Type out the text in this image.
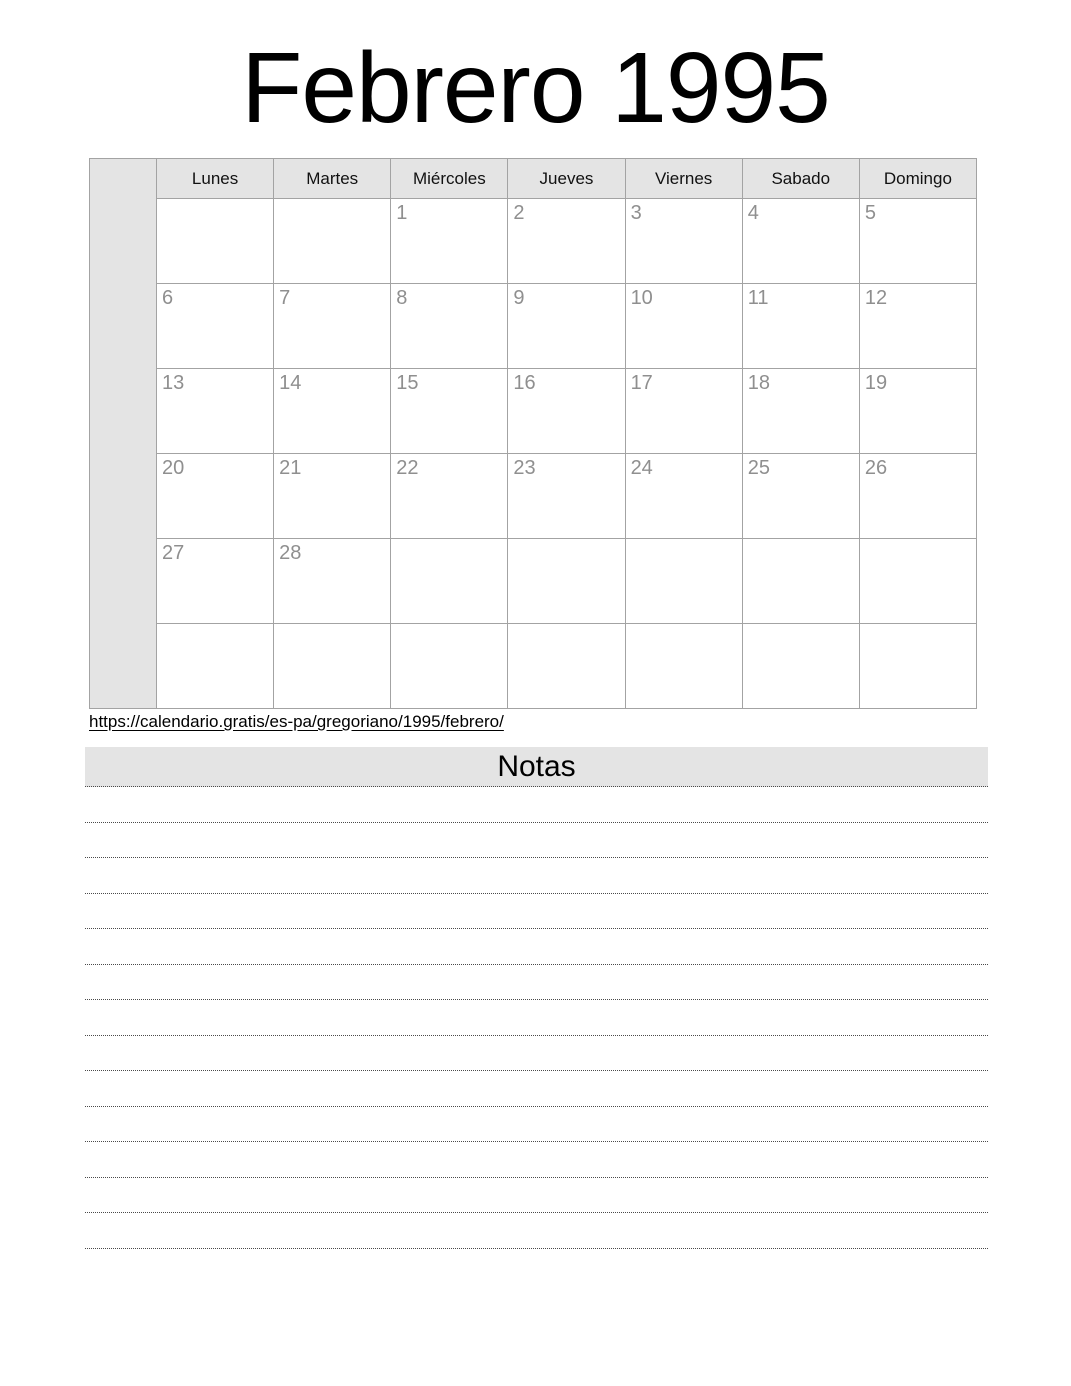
Febrero 1995
	Lunes	Martes	Miércoles	Jueves	Viernes	Sabado	Domingo
			1	2	3	4	5
	6	7	8	9	10	11	12
	13	14	15	16	17	18	19
	20	21	22	23	24	25	26
	27	28					

https://calendario.gratis/es-pa/gregoriano/1995/febrero/
Notas
